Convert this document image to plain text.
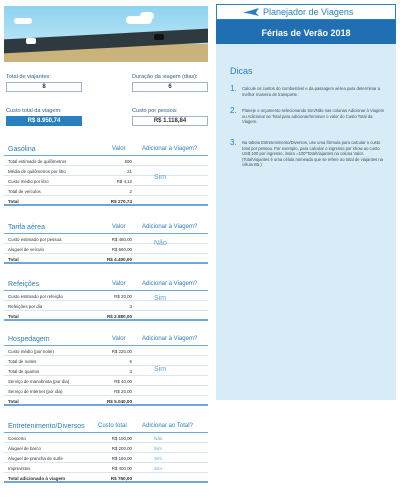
Total de viajantes:
8
Duração da viagem (dias):
6
Custo total da viagem:
R$ 8.950,74
Custo por pessoa:
R$ 1.118,84
Gasolina	Valor	Adicionar à Viagem?
Total estimado de quilômetros	690
Média de quilômetros por litro	21
Custo médio por litro	R$ 4,12
Total de veículos	2
Total	R$ 270,74
Sim
Tarifa aérea	Valor	Adicionar à Viagem?
Custo estimado por pessoa	R$ 480,00
Aluguel de veículo	R$ 560,00
Total	R$ 4.400,00
Não
Refeições	Valor	Adicionar à Viagem?
Custo estimado por refeição	R$ 20,00
Refeições por dia	3
Total	R$ 2.880,00
Sim
Hospedagem	Valor	Adicionar à Viagem?
Custo médio (por noite)	R$ 220,00
Total de noites	6
Total de quartos	3
Serviço de manobrista (por dia)	R$ 40,00
Serviço de Internet (por dia)	R$ 20,00
Total	R$ 5.040,00
Sim
Entretenimento/Diversos Custo total	Adicionar ao Total?
Concerto	R$ 100,00	Não
Aluguel de barco	R$ 200,00	Sim
Aluguel de prancha de surfe	R$ 160,00	Sim
Imprevistos	R$ 400,00	Sim
Total adicionado à viagem	R$ 760,00
Planejador de Viagens
Férias de Verão 2018
Dicas
1. Calcule os custos do combustível e da passagem aérea para determinar a melhor maneira de transporte.
2. Planeje o orçamento selecionando Sim/Não nas colunas Adicionar à Viagem ou Adicionar ao Total para adicionar/remover o valor do Custo Total da Viagem.
3. Na tabela Entretenimento/Diversos, use uma fórmula para calcular o custo total por pessoa. Por exemplo, para calcular o ingresso por show ao custo US$ 100 por ingresso, insira =100*TotalViajantes na coluna Valor. (TotalViajantes é uma célula nomeada que se refere ao total de viajantes na célula B5.)
